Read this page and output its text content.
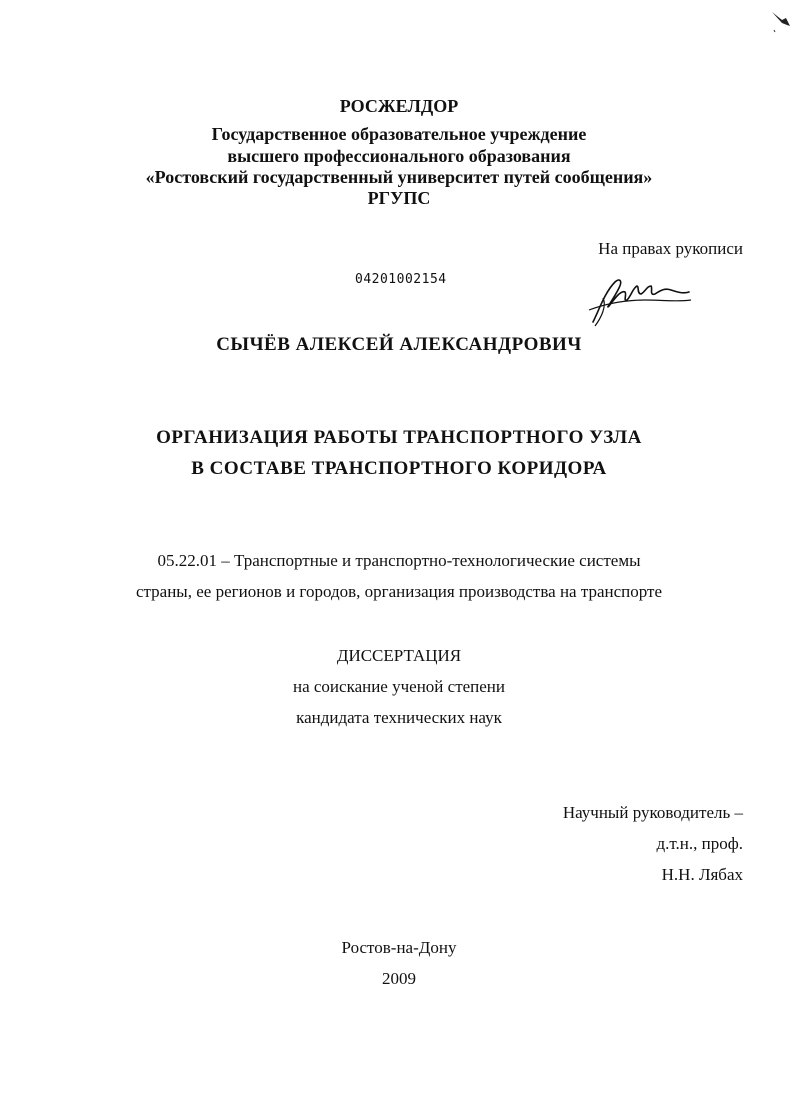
РОСЖЕЛДОР
Государственное образовательное учреждение
высшего профессионального образования
«Ростовский государственный университет путей сообщения»
РГУПС
На правах рукописи
04201002154
СЫЧЁВ АЛЕКСЕЙ АЛЕКСАНДРОВИЧ
ОРГАНИЗАЦИЯ РАБОТЫ ТРАНСПОРТНОГО УЗЛА
В СОСТАВЕ ТРАНСПОРТНОГО КОРИДОРА
05.22.01 – Транспортные и транспортно-технологические системы
страны, ее регионов и городов, организация производства на транспорте
ДИССЕРТАЦИЯ
на соискание ученой степени
кандидата технических наук
Научный руководитель –
д.т.н., проф.
Н.Н. Лябах
Ростов-на-Дону
2009
